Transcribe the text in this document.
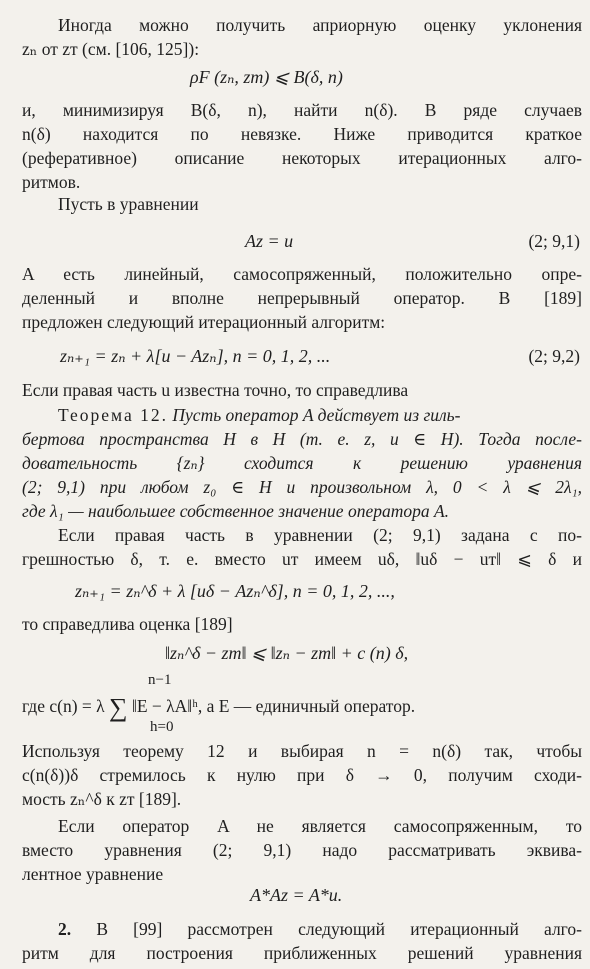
Иногда можно получить априорную оценку уклонения
zₙ от zт (см. [106, 125]):
ρF (zₙ, zт) ⩽ B(δ, n)
и, минимизируя B(δ, n), найти n(δ). В ряде случаев
n(δ) находится по невязке. Ниже приводится краткое
(реферативное) описание некоторых итерационных алго-
ритмов.
Пусть в уравнении
Az = u	(2; 9,1)
A есть линейный, самосопряженный, положительно опре-
деленный и вполне непрерывный оператор. В [189]
предложен следующий итерационный алгоритм:
zₙ₊₁ = zₙ + λ[u − Azₙ], n = 0, 1, 2, ...	(2; 9,2)
Если правая часть u известна точно, то справедлива
Теорема 12. Пусть оператор A действует из гиль-
бертова пространства H в H (т. е. z, u ∈ H). Тогда после-
довательность {zₙ} сходится к решению уравнения
(2; 9,1) при любом z₀ ∈ H и произвольном λ, 0 < λ ⩽ 2λ₁,
где λ₁ — наибольшее собственное значение оператора A.
Если правая часть в уравнении (2; 9,1) задана с по-
грешностью δ, т. е. вместо uт имеем uδ, ‖uδ − uт‖ ⩽ δ и
zₙ₊₁ = zₙ^δ + λ [uδ − Azₙ^δ], n = 0, 1, 2, ...,
то справедлива оценка [189]
‖zₙ^δ − zт‖ ⩽ ‖zₙ − zт‖ + c (n) δ,
n−1
где c(n) = λ ∑ ‖E − λA‖ʰ, а E — единичный оператор.
h=0
Используя теорему 12 и выбирая n = n(δ) так, чтобы
c(n(δ))δ стремилось к нулю при δ → 0, получим сходи-
мость zₙ^δ к zт [189].
Если оператор A не является самосопряженным, то
вместо уравнения (2; 9,1) надо рассматривать эквива-
лентное уравнение
A*Az = A*u.
2. В [99] рассмотрен следующий итерационный алго-
ритм для построения приближенных решений уравнения
